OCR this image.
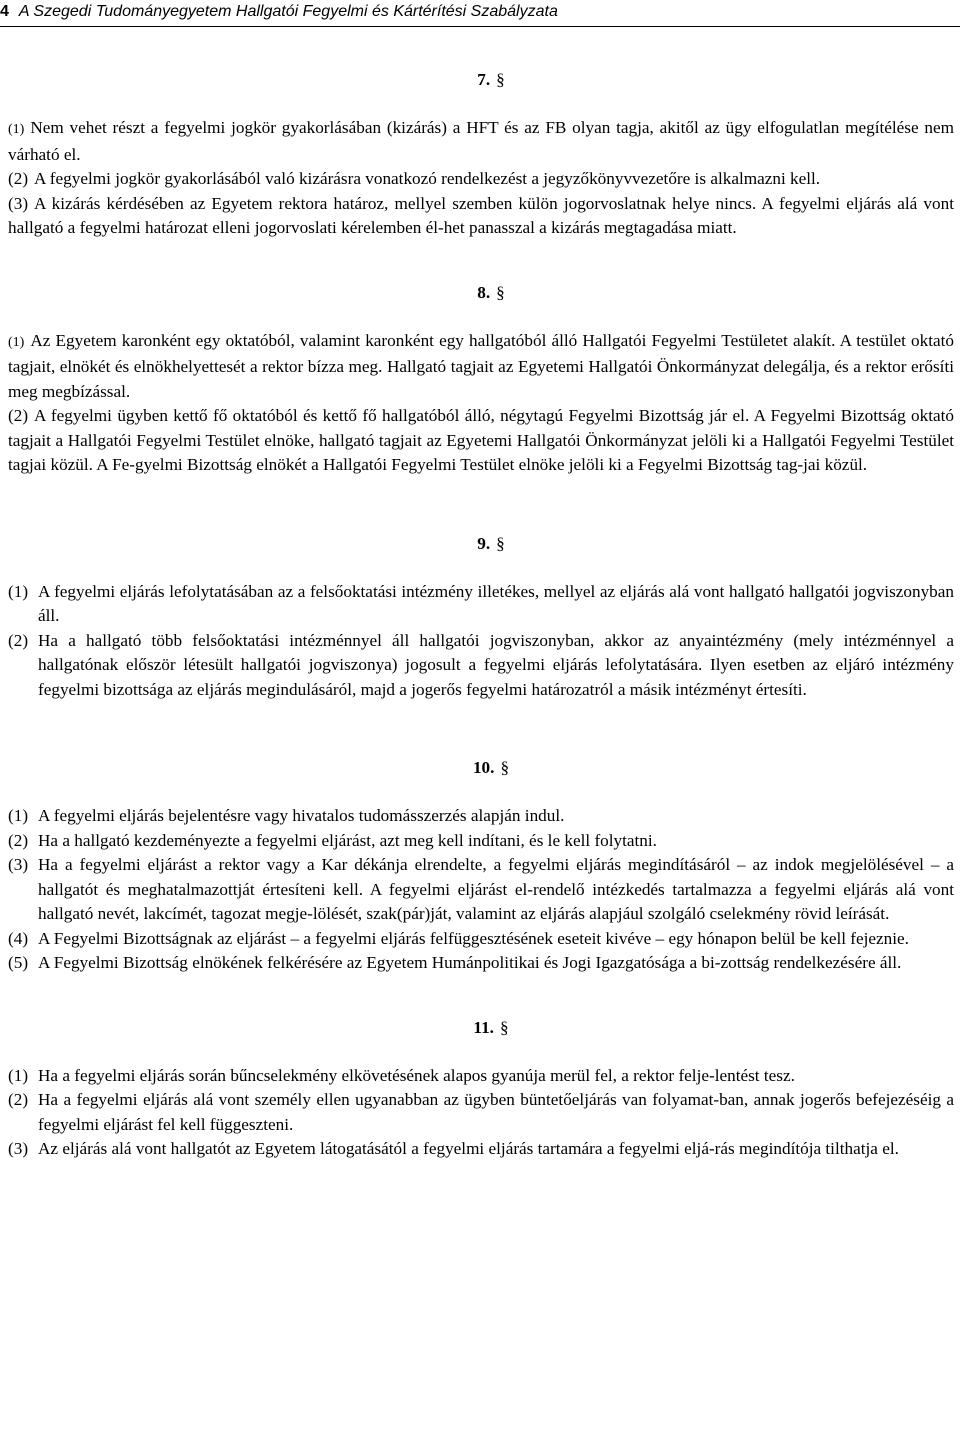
4 A Szegedi Tudományegyetem Hallgatói Fegyelmi és Kártérítési Szabályzata
7. §
(1) Nem vehet részt a fegyelmi jogkör gyakorlásában (kizárás) a HFT és az FB olyan tagja, akitől az ügy elfogulatlan megítélése nem várható el.
(2) A fegyelmi jogkör gyakorlásából való kizárásra vonatkozó rendelkezést a jegyzőkönyvvezetőre is alkalmazni kell.
(3) A kizárás kérdésében az Egyetem rektora határoz, mellyel szemben külön jogorvoslatnak helye nincs. A fegyelmi eljárás alá vont hallgató a fegyelmi határozat elleni jogorvoslati kérelemben él-het panasszal a kizárás megtagadása miatt.
8. §
(1) Az Egyetem karonként egy oktatóból, valamint karonként egy hallgatóból álló Hallgatói Fegyelmi Testületet alakít. A testület oktató tagjait, elnökét és elnökhelyettesét a rektor bízza meg. Hallgató tagjait az Egyetemi Hallgatói Önkormányzat delegálja, és a rektor erősíti meg megbízással.
(2) A fegyelmi ügyben kettő fő oktatóból és kettő fő hallgatóból álló, négytagú Fegyelmi Bizottság jár el. A Fegyelmi Bizottság oktató tagjait a Hallgatói Fegyelmi Testület elnöke, hallgató tagjait az Egyetemi Hallgatói Önkormányzat jelöli ki a Hallgatói Fegyelmi Testület tagjai közül. A Fe-gyelmi Bizottság elnökét a Hallgatói Fegyelmi Testület elnöke jelöli ki a Fegyelmi Bizottság tag-jai közül.
9. §
(1) A fegyelmi eljárás lefolytatásában az a felsőoktatási intézmény illetékes, mellyel az eljárás alá vont hallgató hallgatói jogviszonyban áll.
(2) Ha a hallgató több felsőoktatási intézménnyel áll hallgatói jogviszonyban, akkor az anyaintézmény (mely intézménnyel a hallgatónak először létesült hallgatói jogviszonya) jogosult a fegyelmi eljárás lefolytatására. Ilyen esetben az eljáró intézmény fegyelmi bizottsága az eljárás megindulásáról, majd a jogerős fegyelmi határozatról a másik intézményt értesíti.
10. §
(1) A fegyelmi eljárás bejelentésre vagy hivatalos tudomásszerzés alapján indul.
(2) Ha a hallgató kezdeményezte a fegyelmi eljárást, azt meg kell indítani, és le kell folytatni.
(3) Ha a fegyelmi eljárást a rektor vagy a Kar dékánja elrendelte, a fegyelmi eljárás megindításáról – az indok megjelölésével – a hallgatót és meghatalmazottját értesíteni kell. A fegyelmi eljárást el-rendelő intézkedés tartalmazza a fegyelmi eljárás alá vont hallgató nevét, lakcímét, tagozat megje-lölését, szak(pár)ját, valamint az eljárás alapjául szolgáló cselekmény rövid leírását.
(4) A Fegyelmi Bizottságnak az eljárást – a fegyelmi eljárás felfüggesztésének eseteit kivéve – egy hónapon belül be kell fejeznie.
(5) A Fegyelmi Bizottság elnökének felkérésére az Egyetem Humánpolitikai és Jogi Igazgatósága a bi-zottság rendelkezésére áll.
11. §
(1) Ha a fegyelmi eljárás során bűncselekmény elkövetésének alapos gyanúja merül fel, a rektor felje-lentést tesz.
(2) Ha a fegyelmi eljárás alá vont személy ellen ugyanabban az ügyben büntetőeljárás van folyamat-ban, annak jogerős befejezéséig a fegyelmi eljárást fel kell függeszteni.
(3) Az eljárás alá vont hallgatót az Egyetem látogatásától a fegyelmi eljárás tartamára a fegyelmi eljá-rás megindítója tilthatja el.
